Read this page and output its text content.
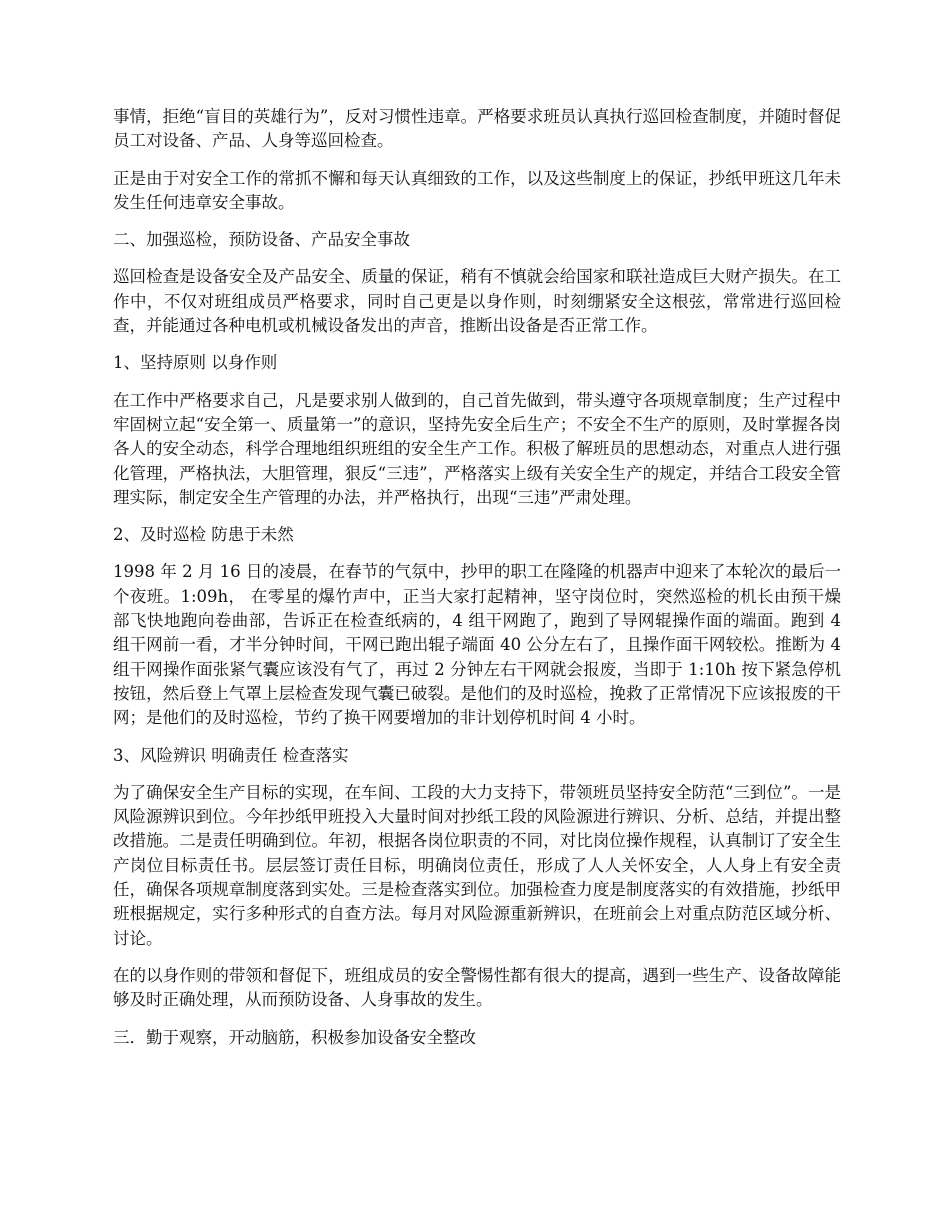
事情，拒绝“盲目的英雄行为”，反对习惯性违章。严格要求班员认真执行巡回检查制度，并随时督促员工对设备、产品、人身等巡回检查。

正是由于对安全工作的常抓不懈和每天认真细致的工作，以及这些制度上的保证，抄纸甲班这几年未发生任何违章安全事故。

二、加强巡检，预防设备、产品安全事故

巡回检查是设备安全及产品安全、质量的保证，稍有不慎就会给国家和联社造成巨大财产损失。在工作中，不仅对班组成员严格要求，同时自己更是以身作则，时刻绷紧安全这根弦，常常进行巡回检查，并能通过各种电机或机械设备发出的声音，推断出设备是否正常工作。

1、坚持原则 以身作则

在工作中严格要求自己，凡是要求别人做到的，自己首先做到，带头遵守各项规章制度；生产过程中牢固树立起“安全第一、质量第一”的意识，坚持先安全后生产；不安全不生产的原则，及时掌握各岗各人的安全动态，科学合理地组织班组的安全生产工作。积极了解班员的思想动态，对重点人进行强化管理，严格执法，大胆管理，狠反“三违”，严格落实上级有关安全生产的规定，并结合工段安全管理实际，制定安全生产管理的办法，并严格执行，出现“三违”严肃处理。

2、及时巡检 防患于未然

1998 年 2 月 16 日的凌晨，在春节的气氛中，抄甲的职工在隆隆的机器声中迎来了本轮次的最后一个夜班。1:09h， 在零星的爆竹声中，正当大家打起精神，坚守岗位时，突然巡检的机长由预干燥部飞快地跑向卷曲部，告诉正在检查纸病的，4 组干网跑了，跑到了导网辊操作面的端面。跑到 4 组干网前一看，才半分钟时间，干网已跑出辊子端面 40 公分左右了，且操作面干网较松。推断为 4 组干网操作面张紧气囊应该没有气了，再过 2 分钟左右干网就会报废，当即于 1:10h 按下紧急停机按钮，然后登上气罩上层检查发现气囊已破裂。是他们的及时巡检，挽救了正常情况下应该报废的干网；是他们的及时巡检，节约了换干网要增加的非计划停机时间 4 小时。

3、风险辨识 明确责任 检查落实

为了确保安全生产目标的实现，在车间、工段的大力支持下，带领班员坚持安全防范“三到位”。一是风险源辨识到位。今年抄纸甲班投入大量时间对抄纸工段的风险源进行辨识、分析、总结，并提出整改措施。二是责任明确到位。年初，根据各岗位职责的不同，对比岗位操作规程，认真制订了安全生产岗位目标责任书。层层签订责任目标，明确岗位责任，形成了人人关怀安全，人人身上有安全责任，确保各项规章制度落到实处。三是检查落实到位。加强检查力度是制度落实的有效措施，抄纸甲班根据规定，实行多种形式的自查方法。每月对风险源重新辨识，在班前会上对重点防范区域分析、讨论。

在的以身作则的带领和督促下，班组成员的安全警惕性都有很大的提高，遇到一些生产、设备故障能够及时正确处理，从而预防设备、人身事故的发生。

三．勤于观察，开动脑筋，积极参加设备安全整改
